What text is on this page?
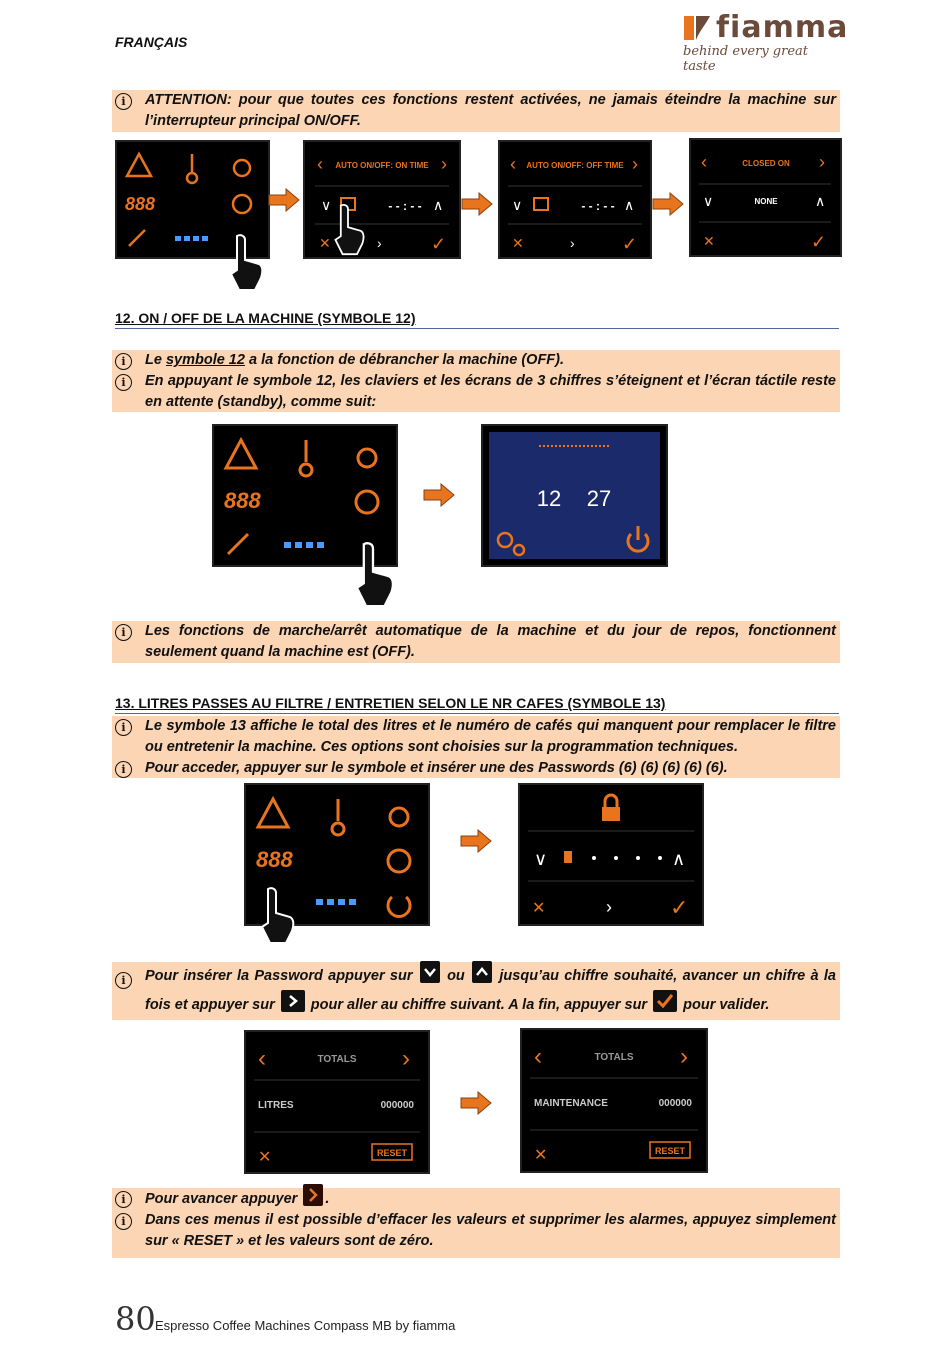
FRANÇAIS	fiamma
behind every great taste

i	ATTENTION: pour que toutes ces fonctions restent activées, ne jamais éteindre la machine sur l’interrupteur principal ON/OFF.

888
‹	›
AUTO ON/OFF: ON TIME
∨	- - : - - ∧
✕	›	✓
‹	›
AUTO ON/OFF: OFF TIME
∨	- - : - - ∧
✕	›	✓
‹	›
CLOSED ON
∨	NONE	∧
✕	✓
12. ON / OFF DE LA MACHINE (SYMBOLE 12)

i	Le symbole 12 a la fonction de débrancher la machine (OFF).

i	En appuyant le symbole 12, les claviers et les écrans de 3 chiffres s’éteignent et l’écran táctile reste en attente (standby), comme suit:

888	12 27

i	Les fonctions de marche/arrêt automatique de la machine et du jour de repos, fonctionnent seulement quand la machine est (OFF).

13. LITRES PASSES AU FILTRE / ENTRETIEN SELON LE NR CAFES (SYMBOLE 13)

i	Le symbole 13 affiche le total des litres et le numéro de cafés qui manquent pour remplacer le filtre ou entretenir la machine. Ces options sont choisies sur la programmation techniques.

i	Pour acceder, appuyer sur le symbole et insérer une des Passwords (6) (6) (6) (6) (6).

888	∨	∧
✕	›	✓

i	Pour insérer la Password appuyer sur  ou  jusqu’au chiffre souhaité, avancer un chifre à la fois et appuyer sur  pour aller au chiffre suivant. A la fin, appuyer sur  pour valider.

‹	›
TOTALS
LITRES	000000
✕	RESET
‹	›
TOTALS
MAINTENANCE	000000
✕	RESET

i	Pour avancer appuyer .

i	Dans ces menus il est possible d’effacer les valeurs et supprimer les alarmes, appuyez simplement sur « RESET » et les valeurs sont de zéro.

80 Espresso Coffee Machines Compass MB by fiamma
